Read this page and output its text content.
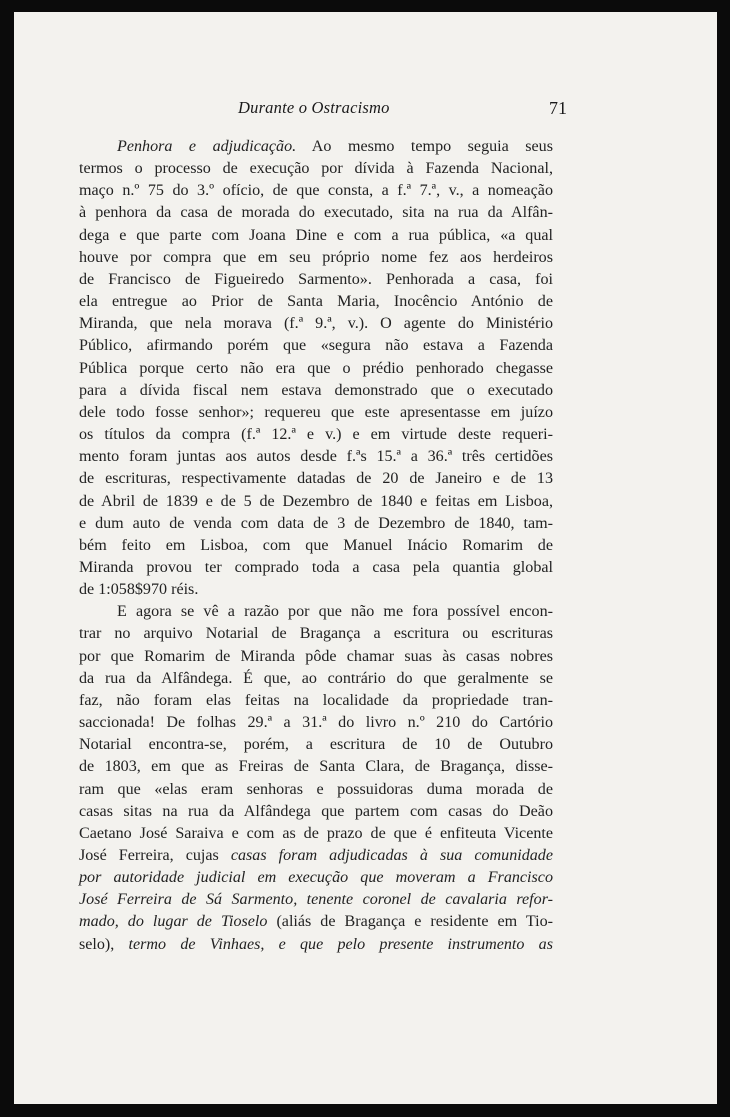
Durante o Ostracismo	71
Penhora e adjudicação. Ao mesmo tempo seguia seus
termos o processo de execução por dívida à Fazenda Nacional,
maço n.º 75 do 3.º ofício, de que consta, a f.ª 7.ª, v., a nomeação
à penhora da casa de morada do executado, sita na rua da Alfân-
dega e que parte com Joana Dine e com a rua pública, «a qual
houve por compra que em seu próprio nome fez aos herdeiros
de Francisco de Figueiredo Sarmento». Penhorada a casa, foi
ela entregue ao Prior de Santa Maria, Inocêncio António de
Miranda, que nela morava (f.ª 9.ª, v.). O agente do Ministério
Público, afirmando porém que «segura não estava a Fazenda
Pública porque certo não era que o prédio penhorado chegasse
para a dívida fiscal nem estava demonstrado que o executado
dele todo fosse senhor»; requereu que este apresentasse em juízo
os títulos da compra (f.ª 12.ª e v.) e em virtude deste requeri-
mento foram juntas aos autos desde f.ªs 15.ª a 36.ª três certidões
de escrituras, respectivamente datadas de 20 de Janeiro e de 13
de Abril de 1839 e de 5 de Dezembro de 1840 e feitas em Lisboa,
e dum auto de venda com data de 3 de Dezembro de 1840, tam-
bém feito em Lisboa, com que Manuel Inácio Romarim de
Miranda provou ter comprado toda a casa pela quantia global
de 1:058$970 réis.
E agora se vê a razão por que não me fora possível encon-
trar no arquivo Notarial de Bragança a escritura ou escrituras
por que Romarim de Miranda pôde chamar suas às casas nobres
da rua da Alfândega. É que, ao contrário do que geralmente se
faz, não foram elas feitas na localidade da propriedade tran-
saccionada! De folhas 29.ª a 31.ª do livro n.º 210 do Cartório
Notarial encontra-se, porém, a escritura de 10 de Outubro
de 1803, em que as Freiras de Santa Clara, de Bragança, disse-
ram que «elas eram senhoras e possuidoras duma morada de
casas sitas na rua da Alfândega que partem com casas do Deão
Caetano José Saraiva e com as de prazo de que é enfiteuta Vicente
José Ferreira, cujas casas foram adjudicadas à sua comunidade
por autoridade judicial em execução que moveram a Francisco
José Ferreira de Sá Sarmento, tenente coronel de cavalaria refor-
mado, do lugar de Tioselo (aliás de Bragança e residente em Tio-
selo), termo de Vinhaes, e que pelo presente instrumento as
